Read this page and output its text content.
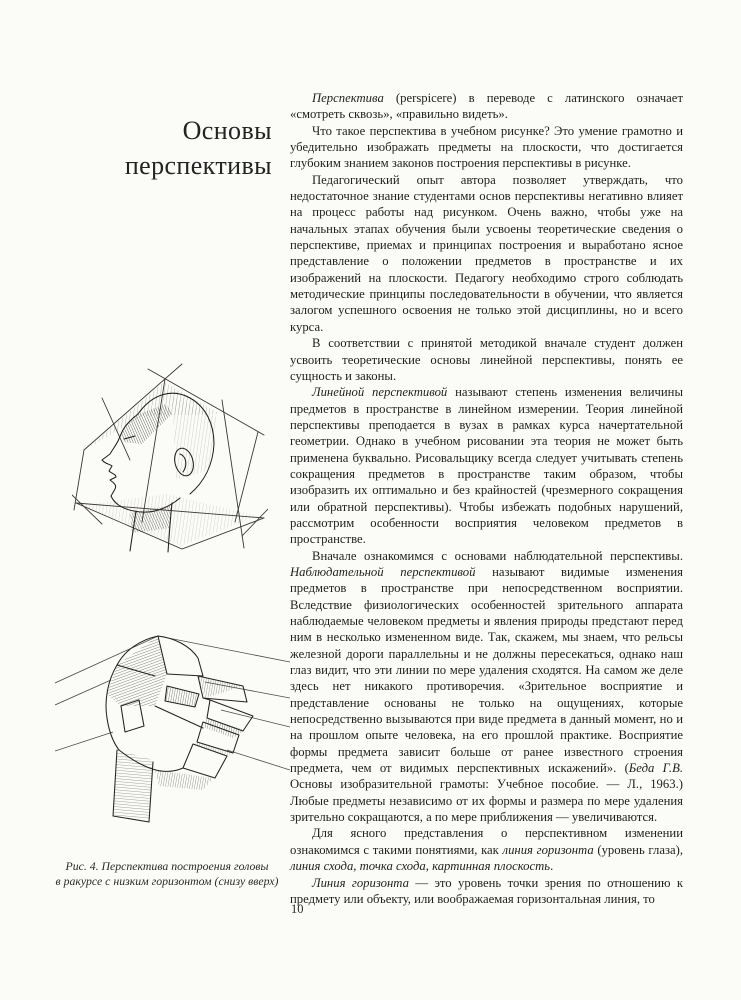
Основы
перспективы
Рис. 4. Перспектива построения головы
в ракурсе с низким горизонтом (снизу вверх)

Перспектива (perspicere) в переводе с латинского означает «смотреть сквозь», «правильно видеть».

Что такое перспектива в учебном рисунке? Это умение грамотно и убедительно изображать предметы на плоскости, что достигается глубоким знанием законов построения перспективы в рисунке.

Педагогический опыт автора позволяет утверждать, что недостаточное знание студентами основ перспективы негативно влияет на процесс работы над рисунком. Очень важно, чтобы уже на начальных этапах обучения были усвоены теоретические сведения о перспективе, приемах и принципах построения и выработано ясное представление о положении предметов в пространстве и их изображений на плоскости. Педагогу необходимо строго соблюдать методические принципы последовательности в обучении, что является залогом успешного освоения не только этой дисциплины, но и всего курса.

В соответствии с принятой методикой вначале студент должен усвоить теоретические основы линейной перспективы, понять ее сущность и законы.

Линейной перспективой называют степень изменения величины предметов в пространстве в линейном измерении. Теория линейной перспективы преподается в вузах в рамках курса начертательной геометрии. Однако в учебном рисовании эта теория не может быть применена буквально. Рисовальщику всегда следует учитывать степень сокращения предметов в пространстве таким образом, чтобы изобразить их оптимально и без крайностей (чрезмерного сокращения или обратной перспективы). Чтобы избежать подобных нарушений, рассмотрим особенности восприятия человеком предметов в пространстве.

Вначале ознакомимся с основами наблюдательной перспективы. Наблюдательной перспективой называют видимые изменения предметов в пространстве при непосредственном восприятии. Вследствие физиологических особенностей зрительного аппарата наблюдаемые человеком предметы и явления природы предстают перед ним в несколько измененном виде. Так, скажем, мы знаем, что рельсы железной дороги параллельны и не должны пересекаться, однако наш глаз видит, что эти линии по мере удаления сходятся. На самом же деле здесь нет никакого противоречия. «Зрительное восприятие и представление основаны не только на ощущениях, которые непосредственно вызываются при виде предмета в данный момент, но и на прошлом опыте человека, на его прошлой практике. Восприятие формы предмета зависит больше от ранее известного строения предмета, чем от видимых перспективных искажений». (Беда Г.В. Основы изобразительной грамоты: Учебное пособие. — Л., 1963.) Любые предметы независимо от их формы и размера по мере удаления зрительно сокращаются, а по мере приближения — увеличиваются.

Для ясного представления о перспективном изменении ознакомимся с такими понятиями, как линия горизонта (уровень глаза), линия схода, точка схода, картинная плоскость.

Линия горизонта — это уровень точки зрения по отношению к предмету или объекту, или воображаемая горизонтальная линия, то

10
